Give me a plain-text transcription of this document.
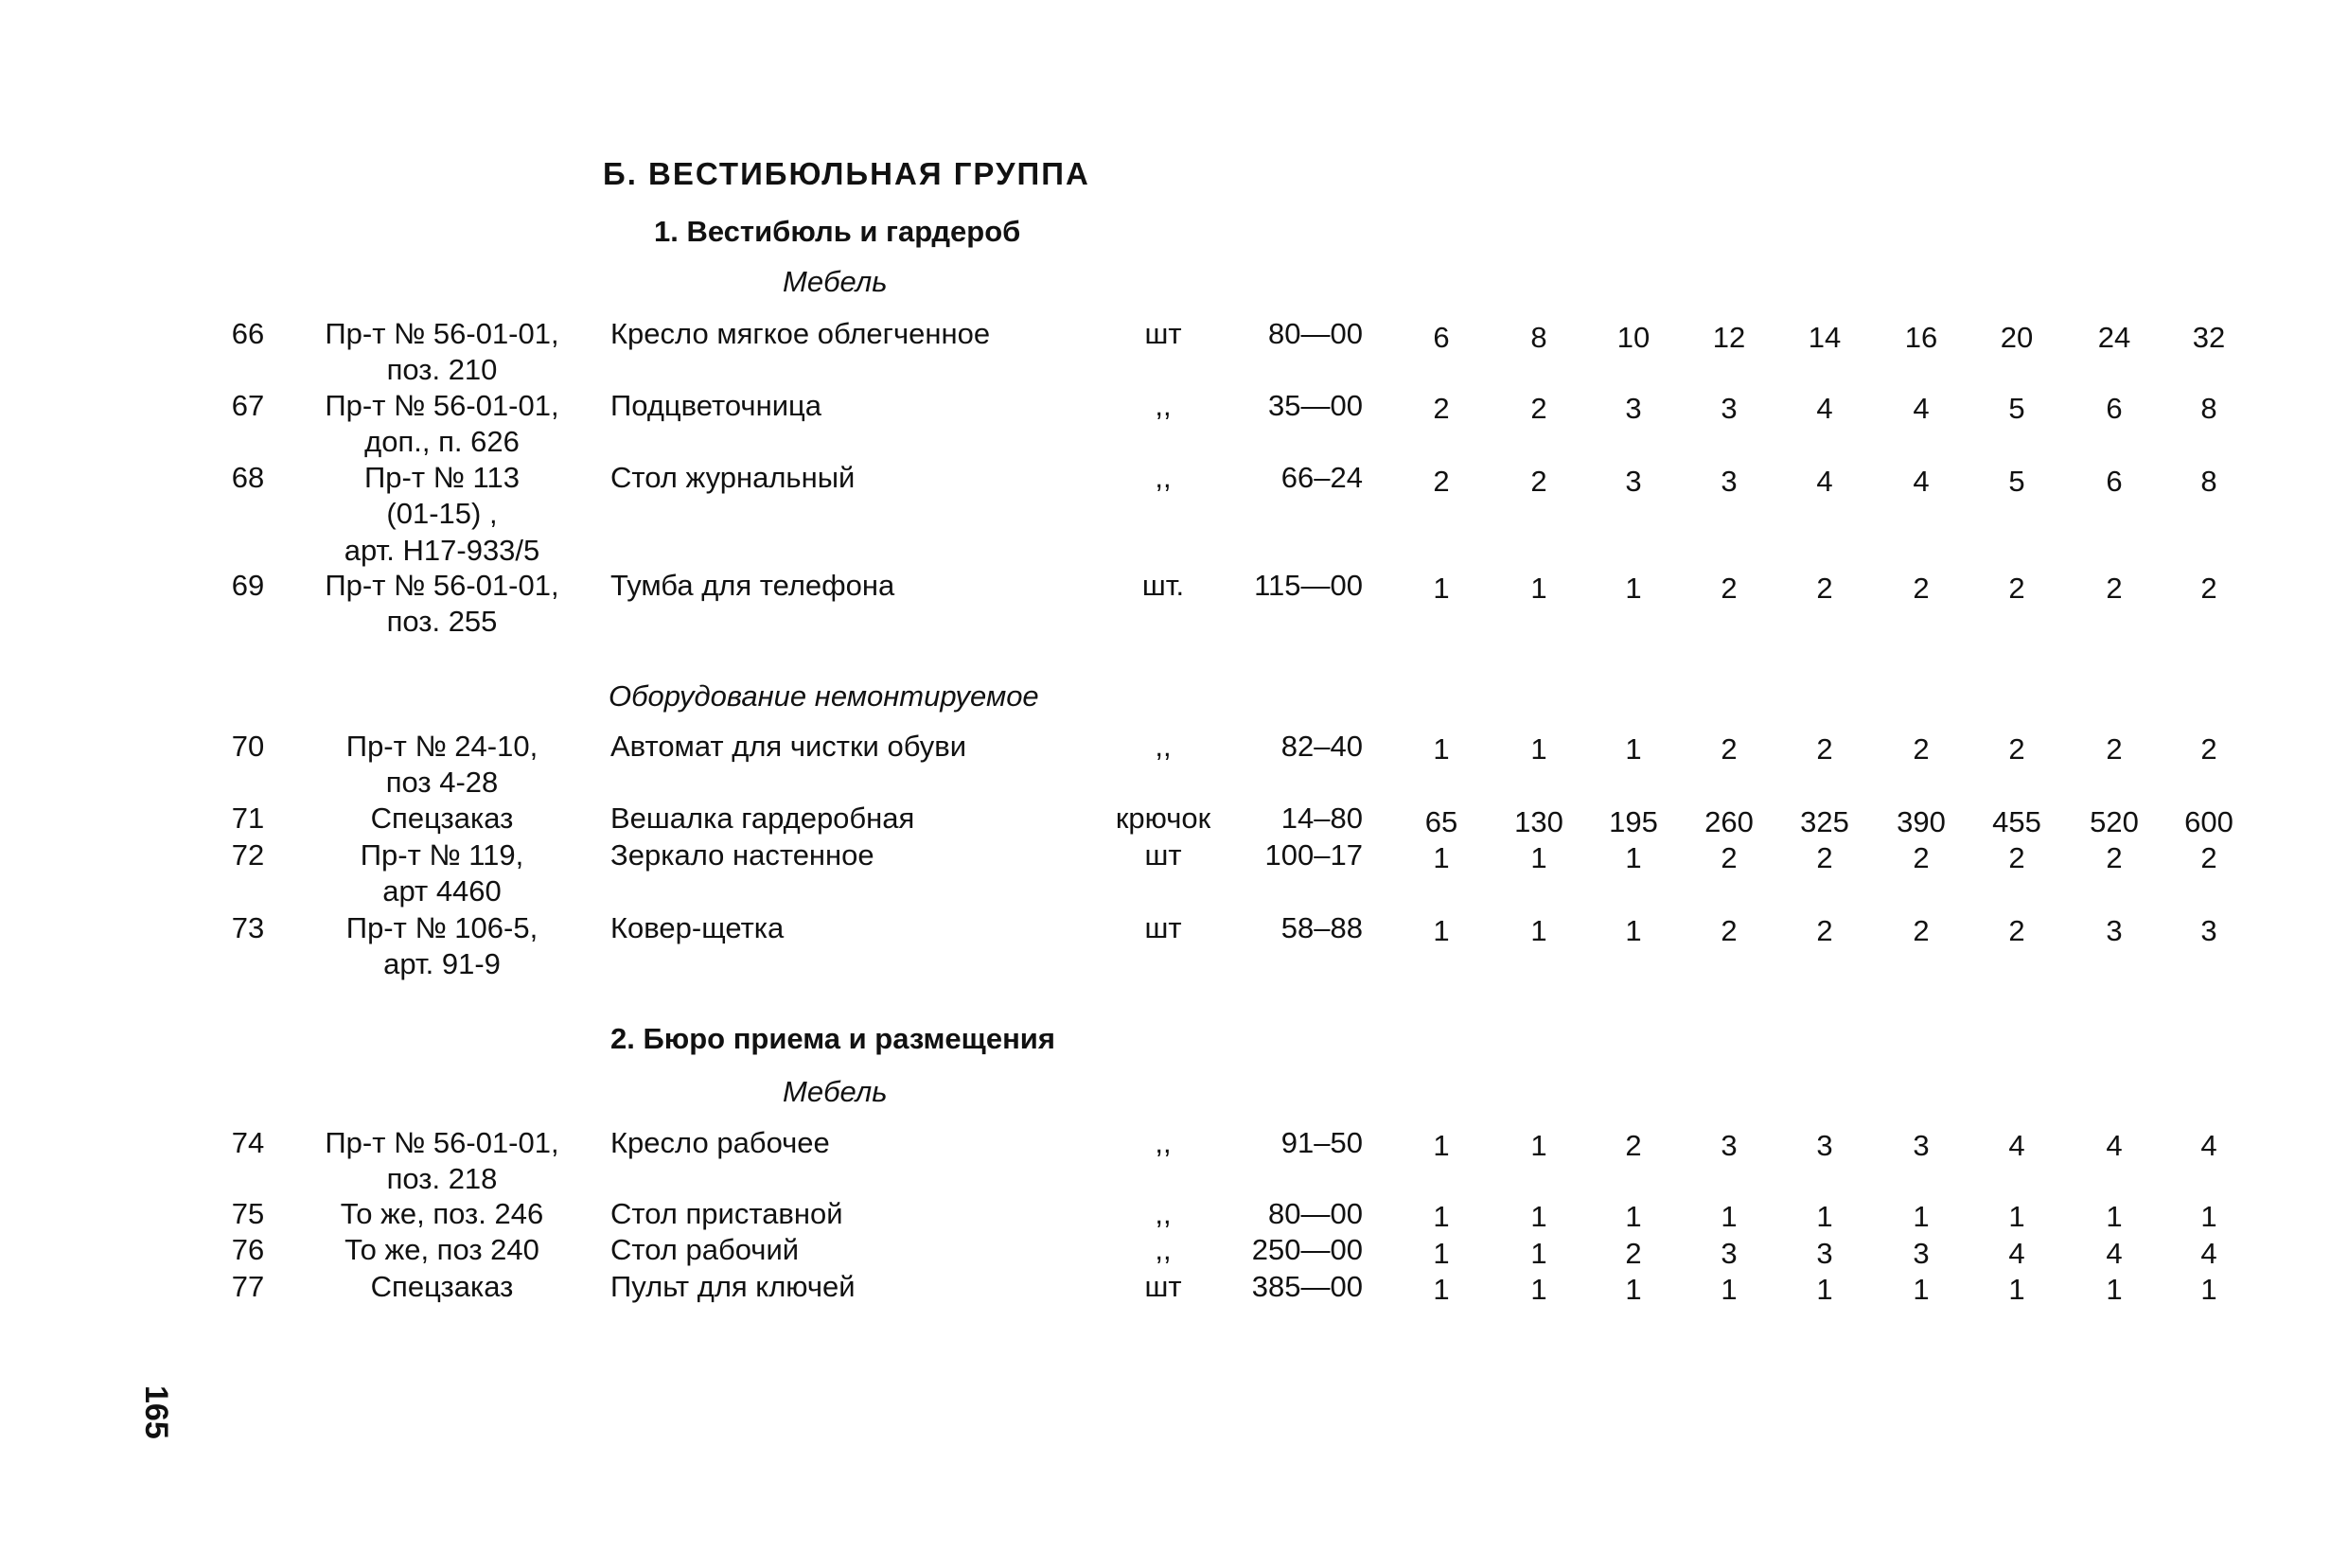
Б. ВЕСТИБЮЛЬНАЯ ГРУППА
1. Вестибюль и гардероб
Мебель
66	Пр-т № 56-01-01,
поз. 210
Кресло мягкое облегченное	шт	80—00	6	8	10	12	14	16	20	24	32
67	Пр-т № 56-01-01,
доп., п. 626
Подцветочница	,,	35—00	2	2	3	3	4	4	5	6	8
68	Пр-т № 113
(01-15) ,
арт. Н17-933/5
Стол журнальный	,,	66–24	2	2	3	3	4	4	5	6	8
69	Пр-т № 56-01-01,
поз. 255
Тумба для телефона	шт.	115—00	1	1	1	2	2	2	2	2	2
Оборудование немонтируемое
70	Пр-т № 24-10,
поз 4-28
Автомат для чистки обуви	,,	82–40	1	1	1	2	2	2	2	2	2
71	Спецзаказ	Вешалка гардеробная	крючок	14–80	65	130	195	260	325	390	455	520	600
72	Пр-т № 119,
арт 4460
Зеркало настенное	шт	100–17	1	1	1	2	2	2	2	2	2
73	Пр-т № 106-5,
арт. 91-9
Ковер-щетка	шт	58–88	1	1	1	2	2	2	2	3	3
2. Бюро приема и размещения
Мебель
74	Пр-т № 56-01-01,
поз. 218
Кресло рабочее	,,	91–50	1	1	2	3	3	3	4	4	4
75	То же, поз. 246	Стол приставной	,,	80—00	1	1	1	1	1	1	1	1	1
76	То же, поз 240	Стол рабочий	,,	250—00	1	1	2	3	3	3	4	4	4
77	Спецзаказ	Пульт для ключей	шт	385—00	1	1	1	1	1	1	1	1	1
165
